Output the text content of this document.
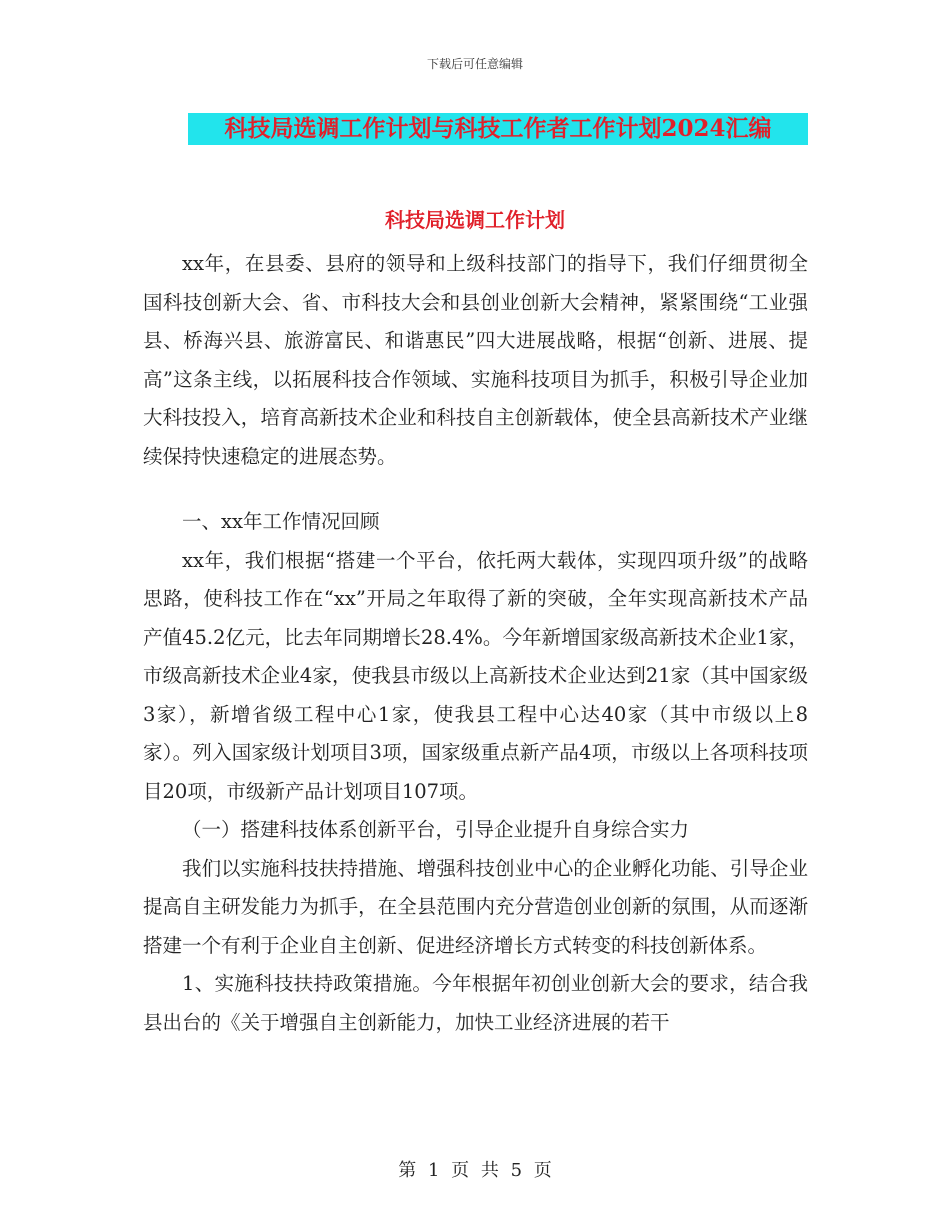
下载后可任意编辑
科技局选调工作计划与科技工作者工作计划2024汇编
科技局选调工作计划

xx年，在县委、县府的领导和上级科技部门的指导下，我们仔细贯彻全国科技创新大会、省、市科技大会和县创业创新大会精神，紧紧围绕“工业强县、桥海兴县、旅游富民、和谐惠民”四大进展战略，根据“创新、进展、提高”这条主线，以拓展科技合作领域、实施科技项目为抓手，积极引导企业加大科技投入，培育高新技术企业和科技自主创新载体，使全县高新技术产业继续保持快速稳定的进展态势。

一、xx年工作情况回顾

xx年，我们根据“搭建一个平台，依托两大载体，实现四项升级”的战略思路，使科技工作在“xx”开局之年取得了新的突破，全年实现高新技术产品产值45.2亿元，比去年同期增长28.4%。今年新增国家级高新技术企业1家，市级高新技术企业4家，使我县市级以上高新技术企业达到21家（其中国家级3家），新增省级工程中心1家，使我县工程中心达40家（其中市级以上8家）。列入国家级计划项目3项，国家级重点新产品4项，市级以上各项科技项目20项，市级新产品计划项目107项。

（一）搭建科技体系创新平台，引导企业提升自身综合实力

我们以实施科技扶持措施、增强科技创业中心的企业孵化功能、引导企业提高自主研发能力为抓手，在全县范围内充分营造创业创新的氛围，从而逐渐搭建一个有利于企业自主创新、促进经济增长方式转变的科技创新体系。

1、实施科技扶持政策措施。今年根据年初创业创新大会的要求，结合我县出台的《关于增强自主创新能力，加快工业经济进展的若干

第 1 页 共 5 页
